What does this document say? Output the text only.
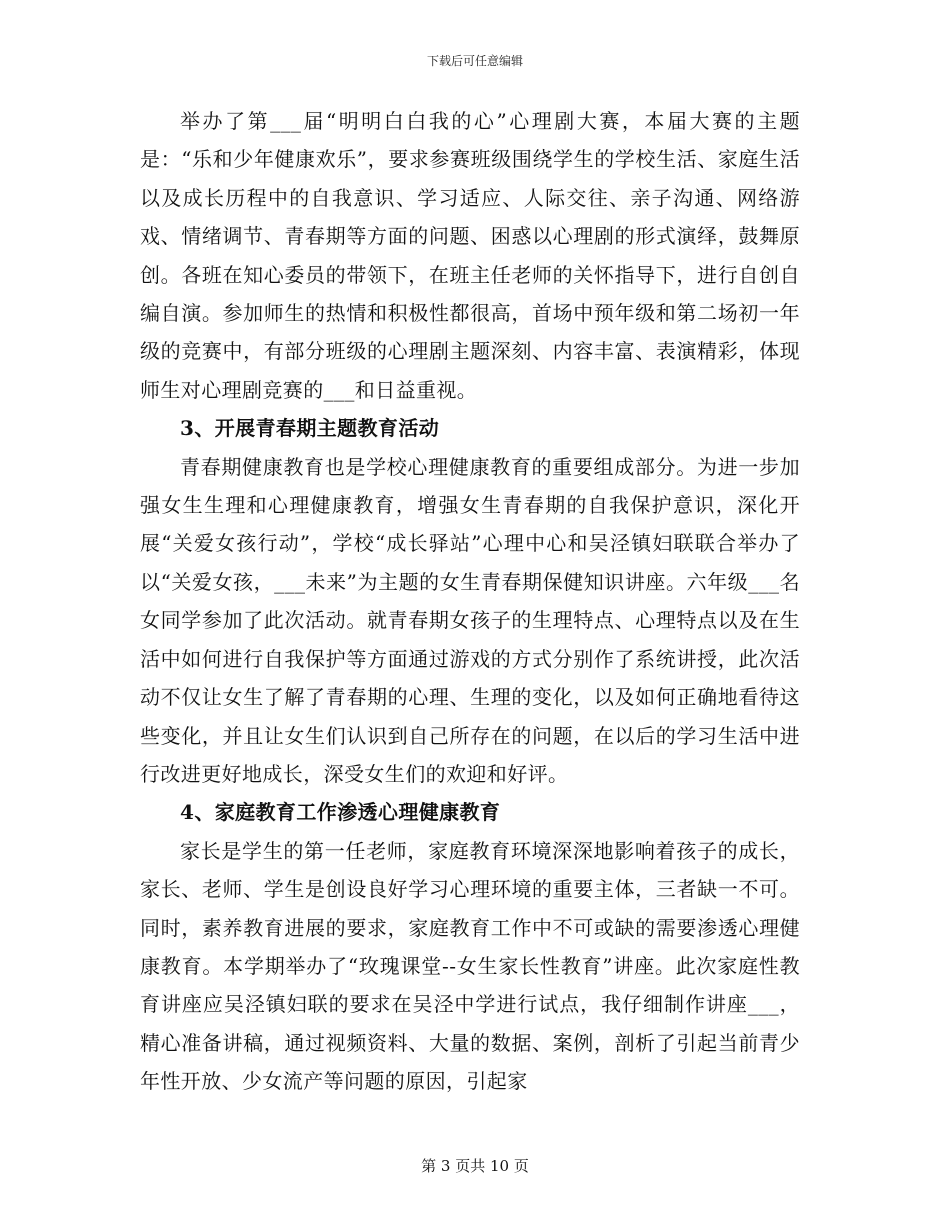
下载后可任意编辑

举办了第___届“明明白白我的心”心理剧大赛，本届大赛的主题是：“乐和少年健康欢乐”，要求参赛班级围绕学生的学校生活、家庭生活以及成长历程中的自我意识、学习适应、人际交往、亲子沟通、网络游戏、情绪调节、青春期等方面的问题、困惑以心理剧的形式演绎，鼓舞原创。各班在知心委员的带领下，在班主任老师的关怀指导下，进行自创自编自演。参加师生的热情和积极性都很高，首场中预年级和第二场初一年级的竞赛中，有部分班级的心理剧主题深刻、内容丰富、表演精彩，体现师生对心理剧竞赛的___和日益重视。

3、开展青春期主题教育活动

青春期健康教育也是学校心理健康教育的重要组成部分。为进一步加强女生生理和心理健康教育，增强女生青春期的自我保护意识，深化开展“关爱女孩行动”，学校“成长驿站”心理中心和吴泾镇妇联联合举办了以“关爱女孩，___未来”为主题的女生青春期保健知识讲座。六年级___名女同学参加了此次活动。就青春期女孩子的生理特点、心理特点以及在生活中如何进行自我保护等方面通过游戏的方式分别作了系统讲授，此次活动不仅让女生了解了青春期的心理、生理的变化，以及如何正确地看待这些变化，并且让女生们认识到自己所存在的问题，在以后的学习生活中进行改进更好地成长，深受女生们的欢迎和好评。

4、家庭教育工作渗透心理健康教育

家长是学生的第一任老师，家庭教育环境深深地影响着孩子的成长，家长、老师、学生是创设良好学习心理环境的重要主体，三者缺一不可。同时，素养教育进展的要求，家庭教育工作中不可或缺的需要渗透心理健康教育。本学期举办了“玫瑰课堂--女生家长性教育”讲座。此次家庭性教育讲座应吴泾镇妇联的要求在吴泾中学进行试点，我仔细制作讲座___，精心准备讲稿，通过视频资料、大量的数据、案例，剖析了引起当前青少年性开放、少女流产等问题的原因，引起家

第 3 页共 10 页
